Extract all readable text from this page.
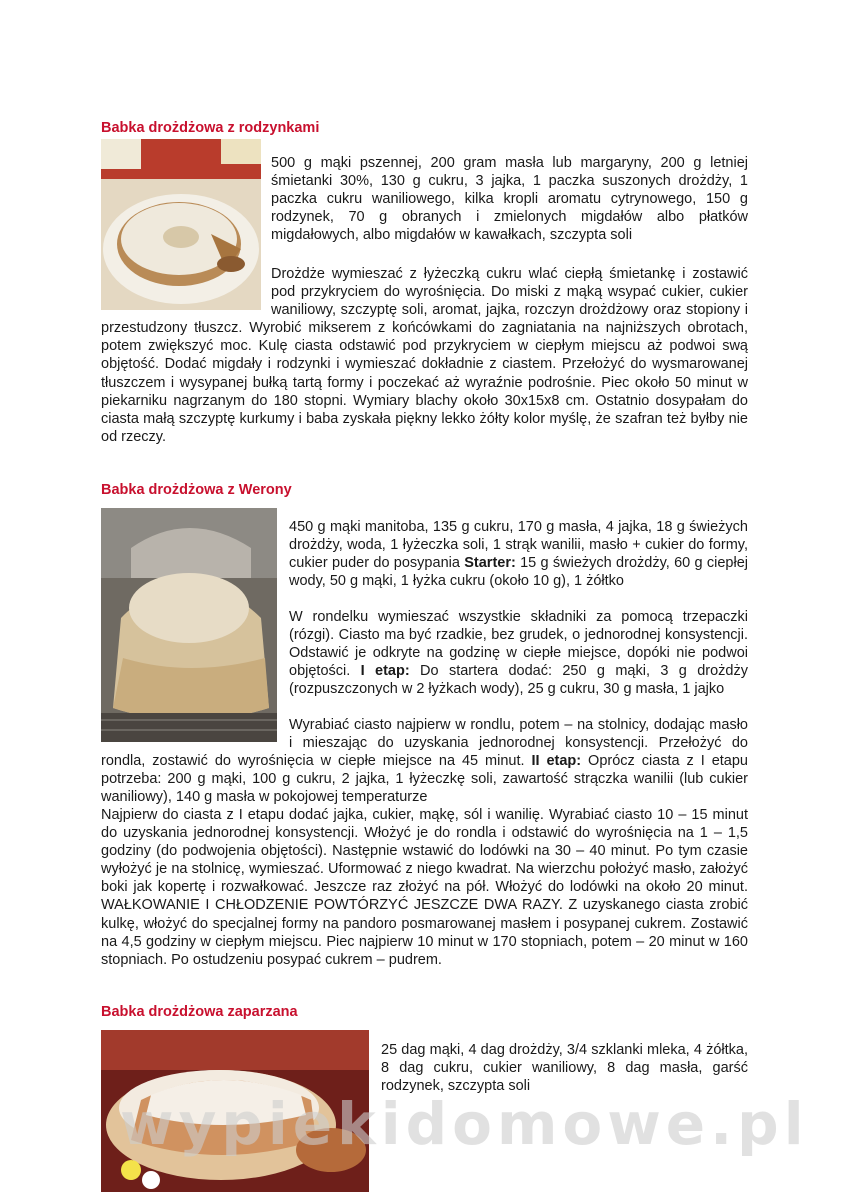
Babka drożdżowa z rodzynkami

500 g mąki pszennej, 200 gram masła lub margaryny, 200 g letniej śmietanki 30%, 130 g cukru, 3 jajka, 1 paczka suszonych drożdży, 1 paczka cukru waniliowego, kilka kropli aromatu cytrynowego, 150 g rodzynek, 70 g obranych i zmielonych migdałów albo płatków migdałowych, albo migdałów w kawałkach, szczypta soli

Drożdże wymieszać z łyżeczką cukru wlać ciepłą śmietankę i zostawić pod przykryciem do wyrośnięcia. Do miski z mąką wsypać cukier, cukier waniliowy, szczyptę soli, aromat, jajka, rozczyn drożdżowy oraz stopiony i przestudzony tłuszcz. Wyrobić mikserem z końcówkami do zagniatania na najniższych obrotach, potem zwiększyć moc. Kulę ciasta odstawić pod przykryciem w ciepłym miejscu aż podwoi swą objętość. Dodać migdały i rodzynki i wymieszać dokładnie z ciastem. Przełożyć do wysmarowanej tłuszczem i wysypanej bułką tartą formy i poczekać aż wyraźnie podrośnie. Piec około 50 minut w piekarniku nagrzanym do 180 stopni. Wymiary blachy około 30x15x8 cm. Ostatnio dosypałam do ciasta małą szczyptę kurkumy i baba zyskała piękny lekko żółty kolor myślę, że szafran też byłby nie od rzeczy.

Babka drożdżowa z Werony

450 g mąki manitoba, 135 g cukru, 170 g masła, 4 jajka, 18 g świeżych drożdży, woda, 1 łyżeczka soli, 1 strąk wanilii, masło + cukier do formy, cukier puder do posypania Starter: 15 g świeżych drożdży, 60 g ciepłej wody, 50 g mąki, 1 łyżka cukru (około 10 g), 1 żółtko

W rondelku wymieszać wszystkie składniki za pomocą trzepaczki (rózgi). Ciasto ma być rzadkie, bez grudek, o jednorodnej konsystencji. Odstawić je odkryte na godzinę w ciepłe miejsce, dopóki nie podwoi objętości. I etap: Do startera dodać: 250 g mąki, 3 g drożdży (rozpuszczonych w 2 łyżkach wody), 25 g cukru, 30 g masła, 1 jajko

Wyrabiać ciasto najpierw w rondlu, potem – na stolnicy, dodając masło i mieszając do uzyskania jednorodnej konsystencji. Przełożyć do rondla, zostawić do wyrośnięcia w ciepłe miejsce na 45 minut. II etap: Oprócz ciasta z I etapu potrzeba: 200 g mąki, 100 g cukru, 2 jajka, 1 łyżeczkę soli, zawartość strączka wanilii (lub cukier waniliowy), 140 g masła w pokojowej temperaturze

Najpierw do ciasta z I etapu dodać jajka, cukier, mąkę, sól i wanilię. Wyrabiać ciasto 10 – 15 minut do uzyskania jednorodnej konsystencji. Włożyć je do rondla i odstawić do wyrośnięcia na 1 – 1,5 godziny (do podwojenia objętości). Następnie wstawić do lodówki na 30 – 40 minut. Po tym czasie wyłożyć je na stolnicę, wymieszać. Uformować z niego kwadrat. Na wierzchu położyć masło, założyć boki jak kopertę i rozwałkować. Jeszcze raz złożyć na pół. Włożyć do lodówki na około 20 minut. WAŁKOWANIE I CHŁODZENIE POWTÓRZYĆ JESZCZE DWA RAZY. Z uzyskanego ciasta zrobić kulkę, włożyć do specjalnej formy na pandoro posmarowanej masłem i posypanej cukrem. Zostawić na 4,5 godziny w ciepłym miejscu. Piec najpierw 10 minut w 170 stopniach, potem – 20 minut w 160 stopniach. Po ostudzeniu posypać cukrem – pudrem.

Babka drożdżowa zaparzana

25 dag mąki, 4 dag drożdży, 3/4 szklanki mleka, 4 żółtka, 8 dag cukru, cukier waniliowy, 8 dag masła, garść rodzynek, szczypta soli

wypiekidomowe.pl
